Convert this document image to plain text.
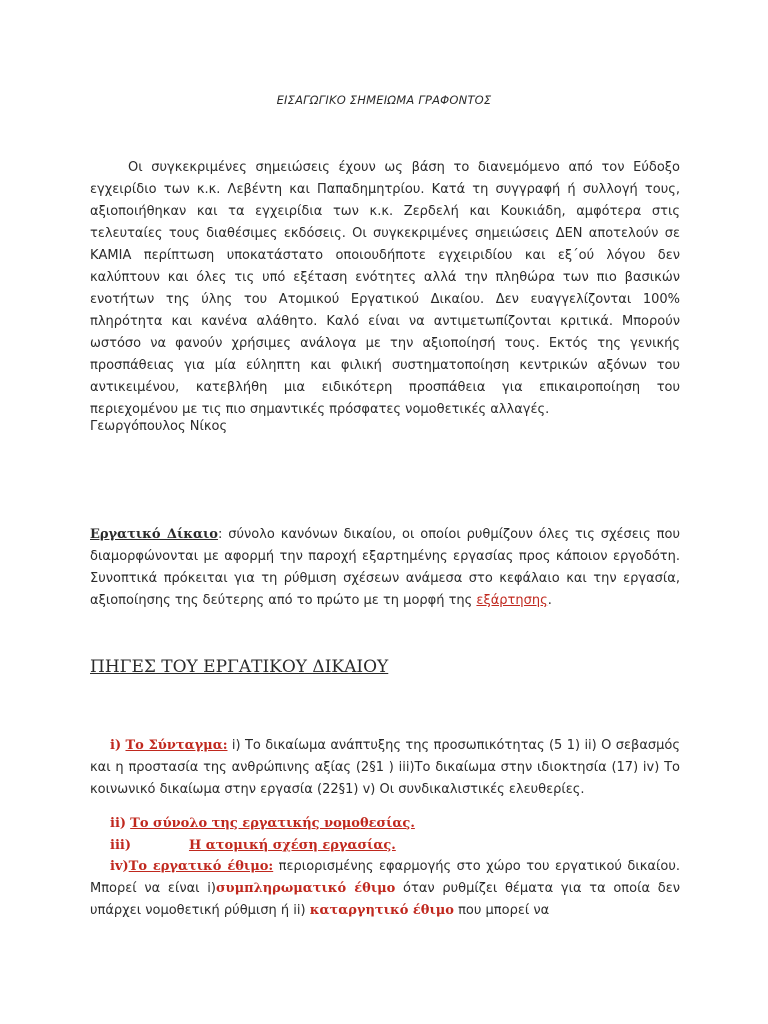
ΕΙΣΑΓΩΓΙΚΟ ΣΗΜΕΙΩΜΑ ΓΡΑΦΟΝΤΟΣ

Οι συγκεκριμένες σημειώσεις έχουν ως βάση το διανεμόμενο από τον Εύδοξο εγχειρίδιο των κ.κ. Λεβέντη και Παπαδημητρίου. Κατά τη συγγραφή ή συλλογή τους, αξιοποιήθηκαν και τα εγχειρίδια των κ.κ. Ζερδελή και Κουκιάδη, αμφότερα στις τελευταίες τους διαθέσιμες εκδόσεις. Οι συγκεκριμένες σημειώσεις ΔΕΝ αποτελούν σε ΚΑΜΙΑ περίπτωση υποκατάστατο οποιουδήποτε εγχειριδίου και εξ΄ού λόγου δεν καλύπτουν και όλες τις υπό εξέταση ενότητες αλλά την πληθώρα των πιο βασικών ενοτήτων της ύλης του Ατομικού Εργατικού Δικαίου. Δεν ευαγγελίζονται 100% πληρότητα και κανένα αλάθητο. Καλό είναι να αντιμετωπίζονται κριτικά. Μπορούν ωστόσο να φανούν χρήσιμες ανάλογα με την αξιοποίησή τους. Εκτός της γενικής προσπάθειας για μία εύληπτη και φιλική συστηματοποίηση κεντρικών αξόνων του αντικειμένου, κατεβλήθη μια ειδικότερη προσπάθεια για επικαιροποίηση του περιεχομένου με τις πιο σημαντικές πρόσφατες νομοθετικές αλλαγές.

Γεωργόπουλος Νίκος

Εργατικό Δίκαιο: σύνολο κανόνων δικαίου, οι οποίοι ρυθμίζουν όλες τις σχέσεις που διαμορφώνονται με αφορμή την παροχή εξαρτημένης εργασίας προς κάποιον εργοδότη. Συνοπτικά πρόκειται για τη ρύθμιση σχέσεων ανάμεσα στο κεφάλαιο και την εργασία, αξιοποίησης της δεύτερης από το πρώτο με τη μορφή της εξάρτησης.

ΠΗΓΕΣ ΤΟΥ ΕΡΓΑΤΙΚΟΥ ΔΙΚΑΙΟΥ

i) Το Σύνταγμα: i) Το δικαίωμα ανάπτυξης της προσωπικότητας (5 1) ii) Ο σεβασμός και η προστασία της ανθρώπινης αξίας (2§1 ) iii)Το δικαίωμα στην ιδιοκτησία (17) iv) Το κοινωνικό δικαίωμα στην εργασία (22§1) v) Οι συνδικαλιστικές ελευθερίες.

ii) Το σύνολο της εργατικής νομοθεσίας.
iii)	Η ατομική σχέση εργασίας.

iv)Το εργατικό έθιμο: περιορισμένης εφαρμογής στο χώρο του εργατικού δικαίου. Μπορεί να είναι i)συμπληρωματικό έθιμο όταν ρυθμίζει θέματα για τα οποία δεν υπάρχει νομοθετική ρύθμιση ή ii) καταργητικό έθιμο που μπορεί να
